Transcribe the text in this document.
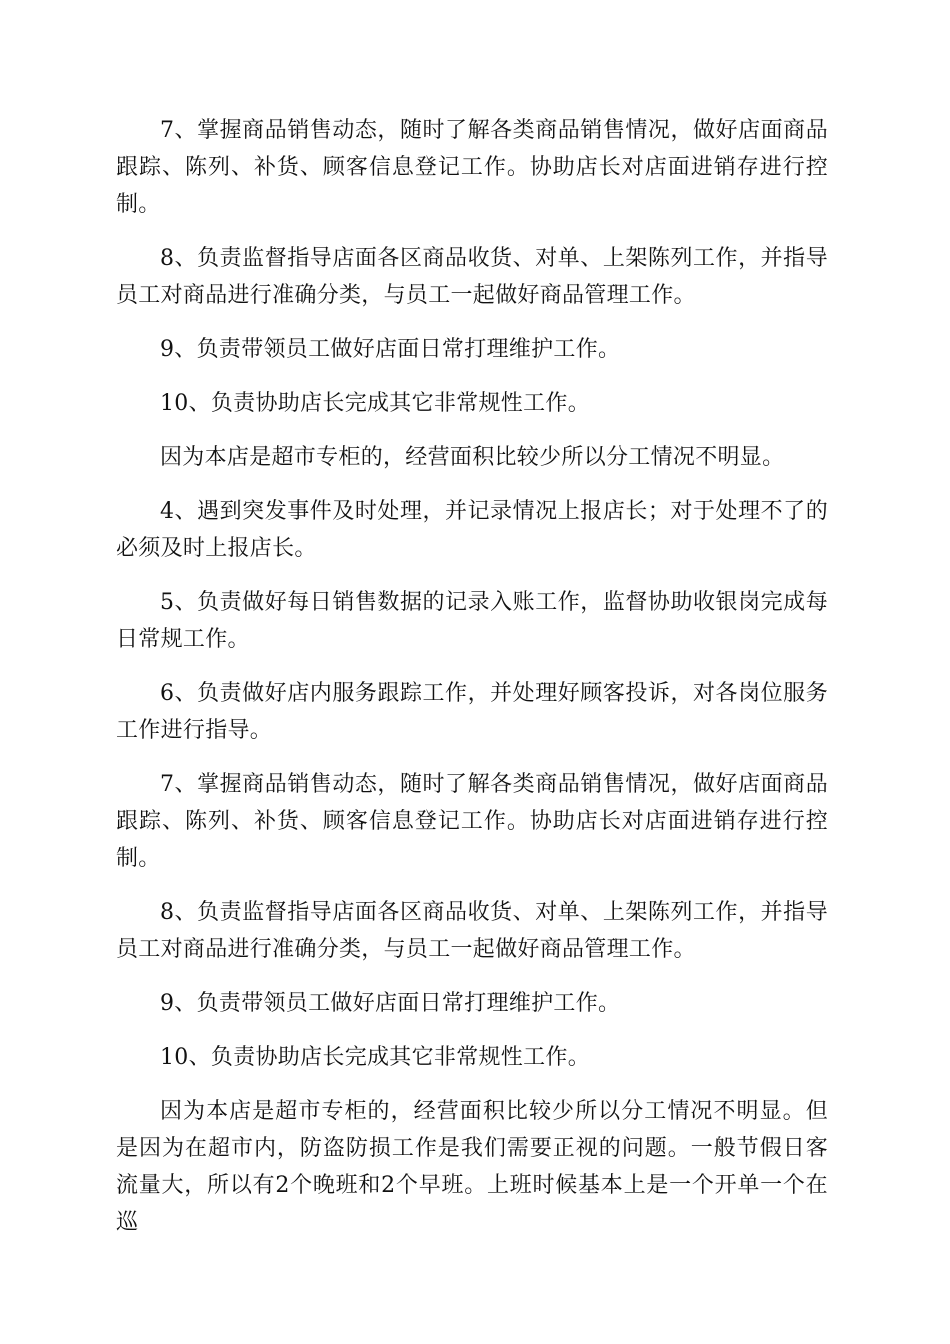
7、掌握商品销售动态，随时了解各类商品销售情况，做好店面商品跟踪、陈列、补货、顾客信息登记工作。协助店长对店面进销存进行控制。

8、负责监督指导店面各区商品收货、对单、上架陈列工作，并指导员工对商品进行准确分类，与员工一起做好商品管理工作。

9、负责带领员工做好店面日常打理维护工作。

10、负责协助店长完成其它非常规性工作。

因为本店是超市专柜的，经营面积比较少所以分工情况不明显。

4、遇到突发事件及时处理，并记录情况上报店长；对于处理不了的必须及时上报店长。

5、负责做好每日销售数据的记录入账工作，监督协助收银岗完成每日常规工作。

6、负责做好店内服务跟踪工作，并处理好顾客投诉，对各岗位服务工作进行指导。

7、掌握商品销售动态，随时了解各类商品销售情况，做好店面商品跟踪、陈列、补货、顾客信息登记工作。协助店长对店面进销存进行控制。

8、负责监督指导店面各区商品收货、对单、上架陈列工作，并指导员工对商品进行准确分类，与员工一起做好商品管理工作。

9、负责带领员工做好店面日常打理维护工作。

10、负责协助店长完成其它非常规性工作。

因为本店是超市专柜的，经营面积比较少所以分工情况不明显。但是因为在超市内，防盗防损工作是我们需要正视的问题。一般节假日客流量大，所以有2个晚班和2个早班。上班时候基本上是一个开单一个在巡
